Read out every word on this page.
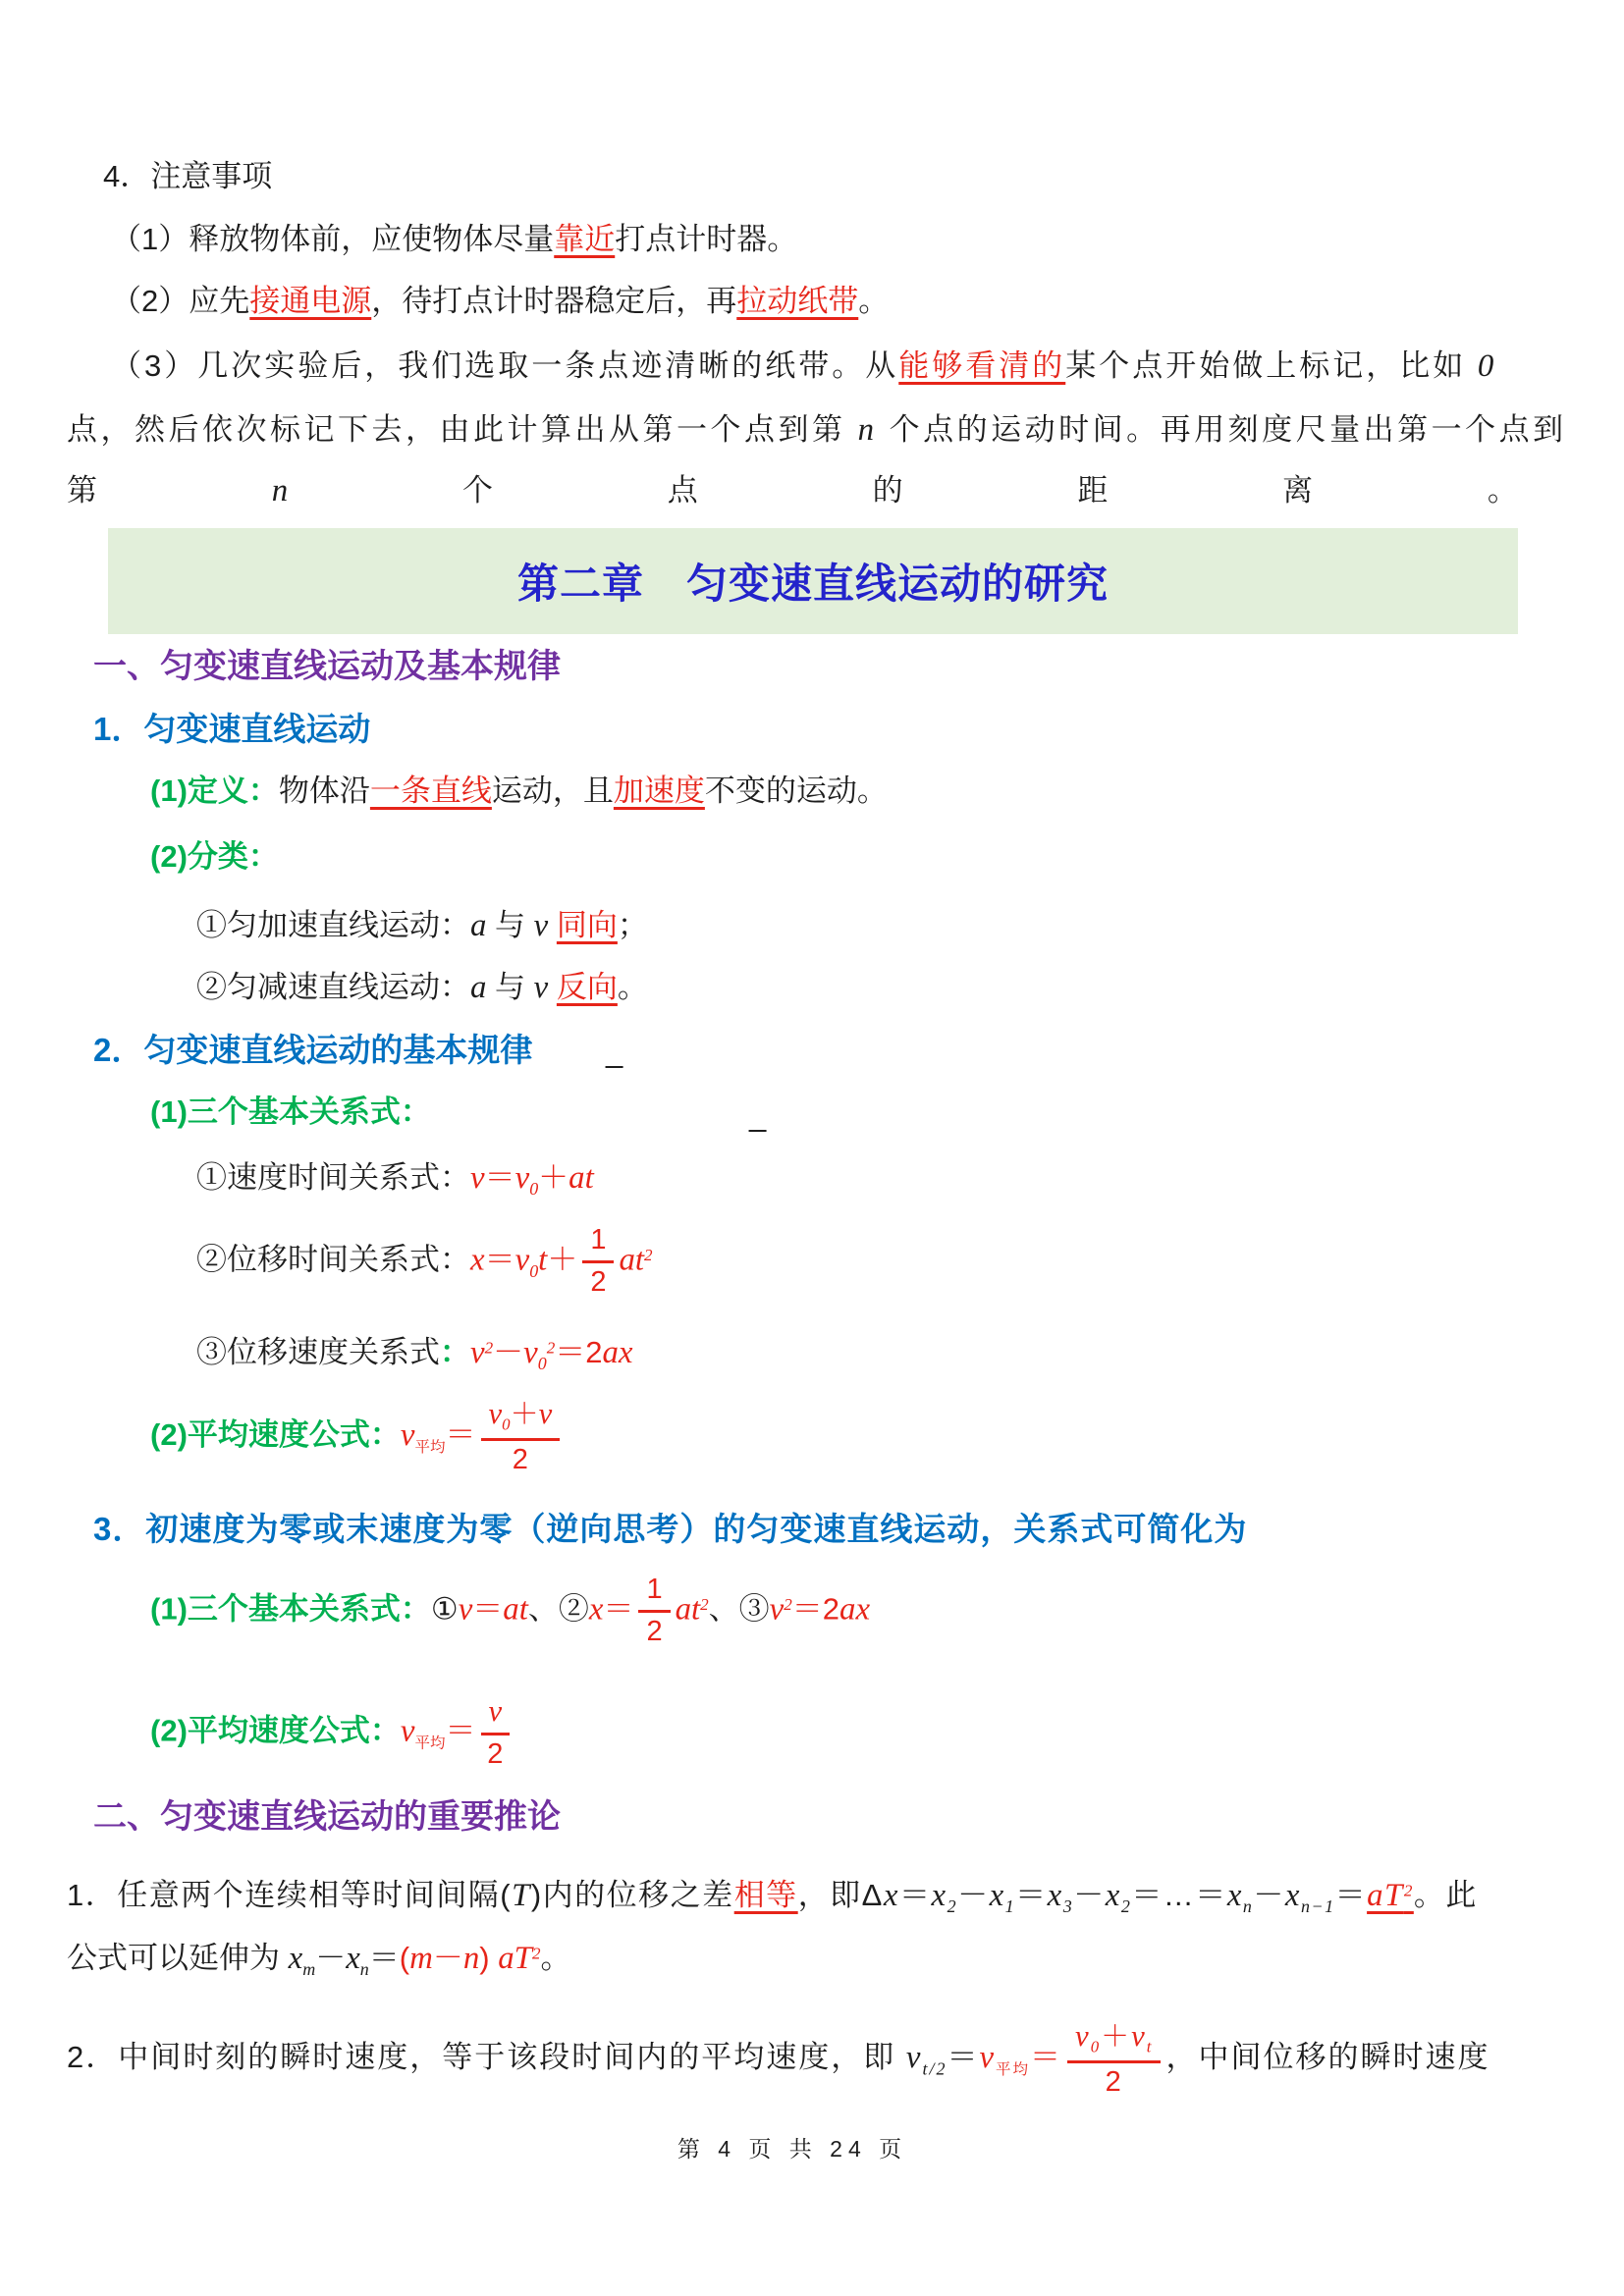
4．注意事项
（1）释放物体前，应使物体尽量靠近打点计时器。
（2）应先接通电源，待打点计时器稳定后，再拉动纸带。
（3）几次实验后，我们选取一条点迹清晰的纸带。从能够看清的某个点开始做上标记，比如 0
点，然后依次标记下去，由此计算出从第一个点到第 n 个点的运动时间。再用刻度尺量出第一个点到
第	n	个	点	的	距	离	。
第二章　匀变速直线运动的研究
一、匀变速直线运动及基本规律
1．匀变速直线运动
(1)定义：物体沿一条直线运动，且加速度不变的运动。
(2)分类：
①匀加速直线运动：a 与 v 同向；
②匀减速直线运动：a 与 v 反向。
2．匀变速直线运动的基本规律 _
(1)三个基本关系式：	_
①速度时间关系式：$v=v_0+at$
②位移时间关系式：$x=v_0t+ \frac{1}{2} at^2$
③位移速度关系式：$v^2-v_0^2=2ax$
(2)平均速度公式：$v_{平均}= \frac{v_0+v}{2}$
3．初速度为零或末速度为零（逆向思考）的匀变速直线运动，关系式可简化为
(1)三个基本关系式：①v＝at、②x＝ $\frac{1}{2} at^2$、$③v^2=2ax$
(2)平均速度公式：$v_{平均}= \frac{v}{2}$
二、匀变速直线运动的重要推论
1．任意两个连续相等时间间隔(T)内的位移之差相等，即$\Delta x=x_2-x_1=x_3-x_2=\dots=x_n-x_{n-1}=aT^2$。此
公式可以延伸为 $x_m-x_n=(m-n)$ $aT^2$。
2．中间时刻的瞬时速度，等于该段时间内的平均速度，即 $v_{t/2}=v_{平均}= \frac{v_0+v_t}{2}$ ，中间位移的瞬时速度
第 4 页 共 24 页
